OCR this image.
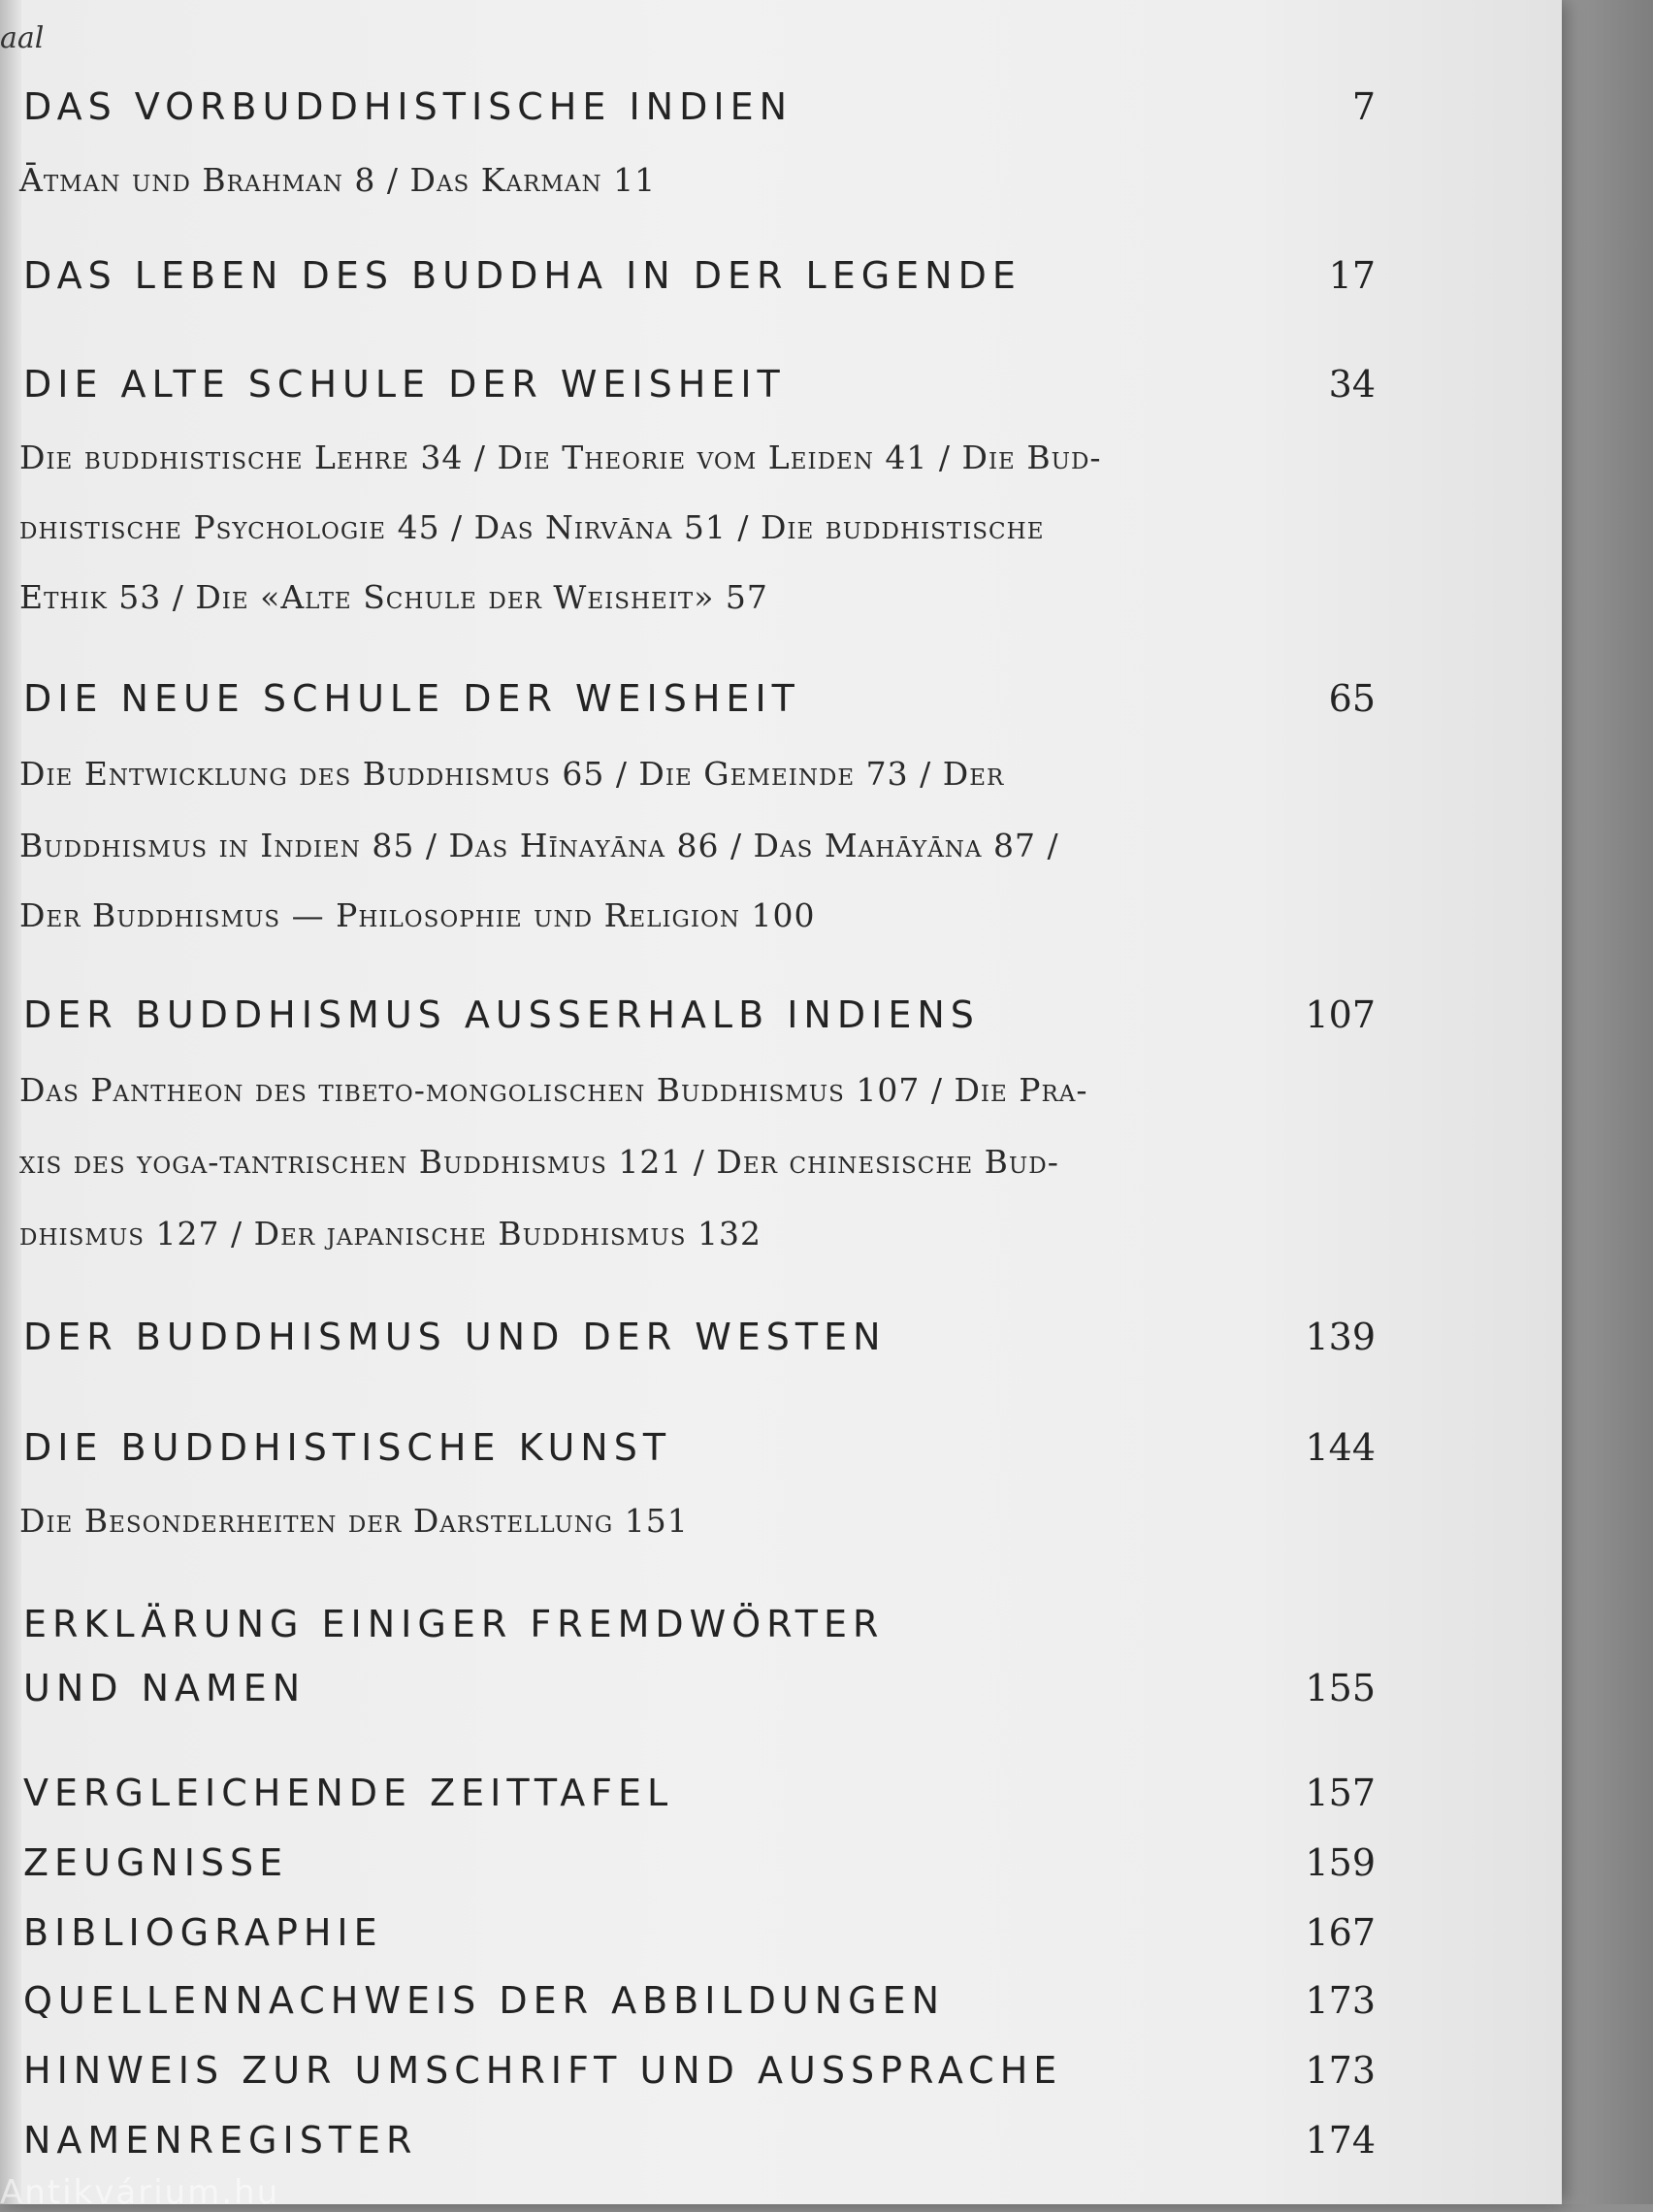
aal
DAS VORBUDDHISTISCHE INDIEN	7
Ātman und Brahman 8 / Das Karman 11
DAS LEBEN DES BUDDHA IN DER LEGENDE	17
DIE ALTE SCHULE DER WEISHEIT	34
Die buddhistische Lehre 34 / Die Theorie vom Leiden 41 / Die Bud-
dhistische Psychologie 45 / Das Nirvāna 51 / Die buddhistische
Ethik 53 / Die «Alte Schule der Weisheit» 57
DIE NEUE SCHULE DER WEISHEIT	65
Die Entwicklung des Buddhismus 65 / Die Gemeinde 73 / Der
Buddhismus in Indien 85 / Das Hīnayāna 86 / Das Mahāyāna 87 /
Der Buddhismus — Philosophie und Religion 100
DER BUDDHISMUS AUSSERHALB INDIENS	107
Das Pantheon des tibeto-mongolischen Buddhismus 107 / Die Pra-
xis des yoga-tantrischen Buddhismus 121 / Der chinesische Bud-
dhismus 127 / Der japanische Buddhismus 132
DER BUDDHISMUS UND DER WESTEN	139
DIE BUDDHISTISCHE KUNST	144
Die Besonderheiten der Darstellung 151
ERKLÄRUNG EINIGER FREMDWÖRTER
UND NAMEN	155
VERGLEICHENDE ZEITTAFEL	157
ZEUGNISSE	159
BIBLIOGRAPHIE	167
QUELLENNACHWEIS DER ABBILDUNGEN	173
HINWEIS ZUR UMSCHRIFT UND AUSSPRACHE	173
NAMENREGISTER	174
Antikvárium.hu
